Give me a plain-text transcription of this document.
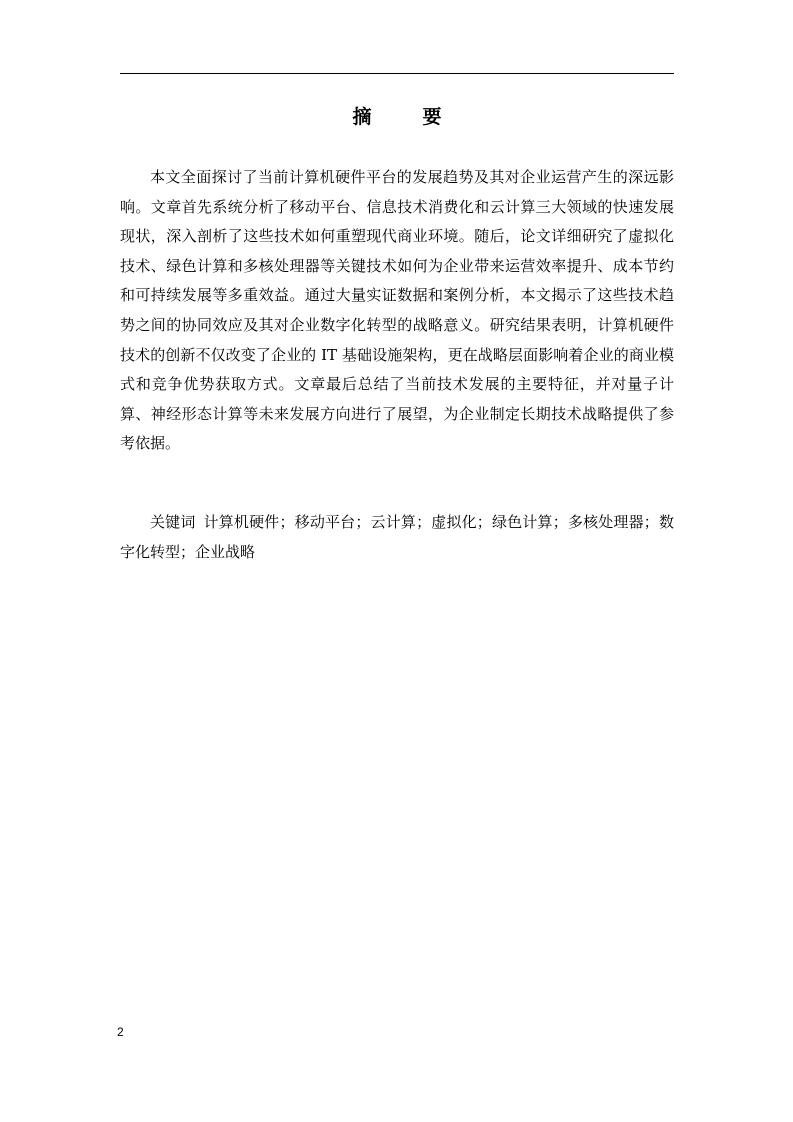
摘　要

本文全面探讨了当前计算机硬件平台的发展趋势及其对企业运营产生的深远影响。文章首先系统分析了移动平台、信息技术消费化和云计算三大领域的快速发展现状，深入剖析了这些技术如何重塑现代商业环境。随后，论文详细研究了虚拟化技术、绿色计算和多核处理器等关键技术如何为企业带来运营效率提升、成本节约和可持续发展等多重效益。通过大量实证数据和案例分析，本文揭示了这些技术趋势之间的协同效应及其对企业数字化转型的战略意义。研究结果表明，计算机硬件技术的创新不仅改变了企业的 IT 基础设施架构，更在战略层面影响着企业的商业模式和竞争优势获取方式。文章最后总结了当前技术发展的主要特征，并对量子计算、神经形态计算等未来发展方向进行了展望，为企业制定长期技术战略提供了参考依据。

关键词 计算机硬件；移动平台；云计算；虚拟化；绿色计算；多核处理器；数字化转型；企业战略

2
